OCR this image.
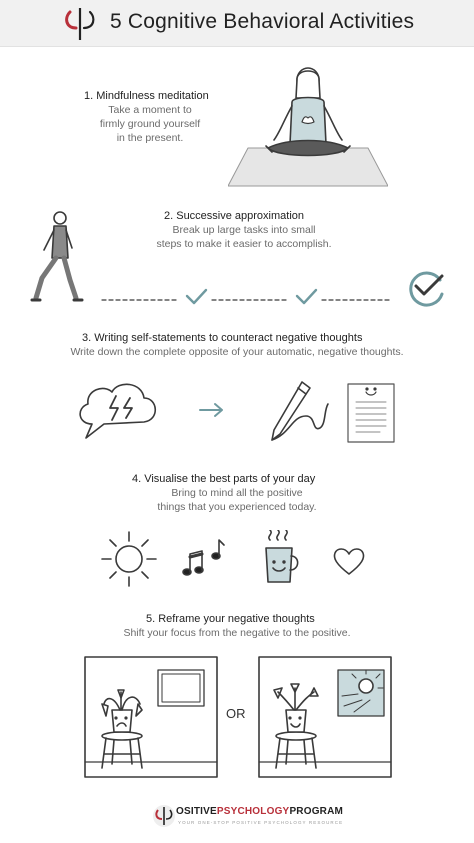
5 Cognitive Behavioral Activities
1. Mindfulness meditation
Take a moment to
firmly ground yourself
in the present.
2. Successive approximation
Break up large tasks into small
steps to make it easier to accomplish.
3. Writing self-statements to counteract negative thoughts
Write down the complete opposite of your automatic, negative thoughts.
4. Visualise the best parts of your day
Bring to mind all the positive
things that you experienced today.
5. Reframe your negative thoughts
Shift your focus from the negative to the positive.
OR
OSITIVEPSYCHOLOGYPROGRAM
YOUR ONE-STOP POSITIVE PSYCHOLOGY RESOURCE
